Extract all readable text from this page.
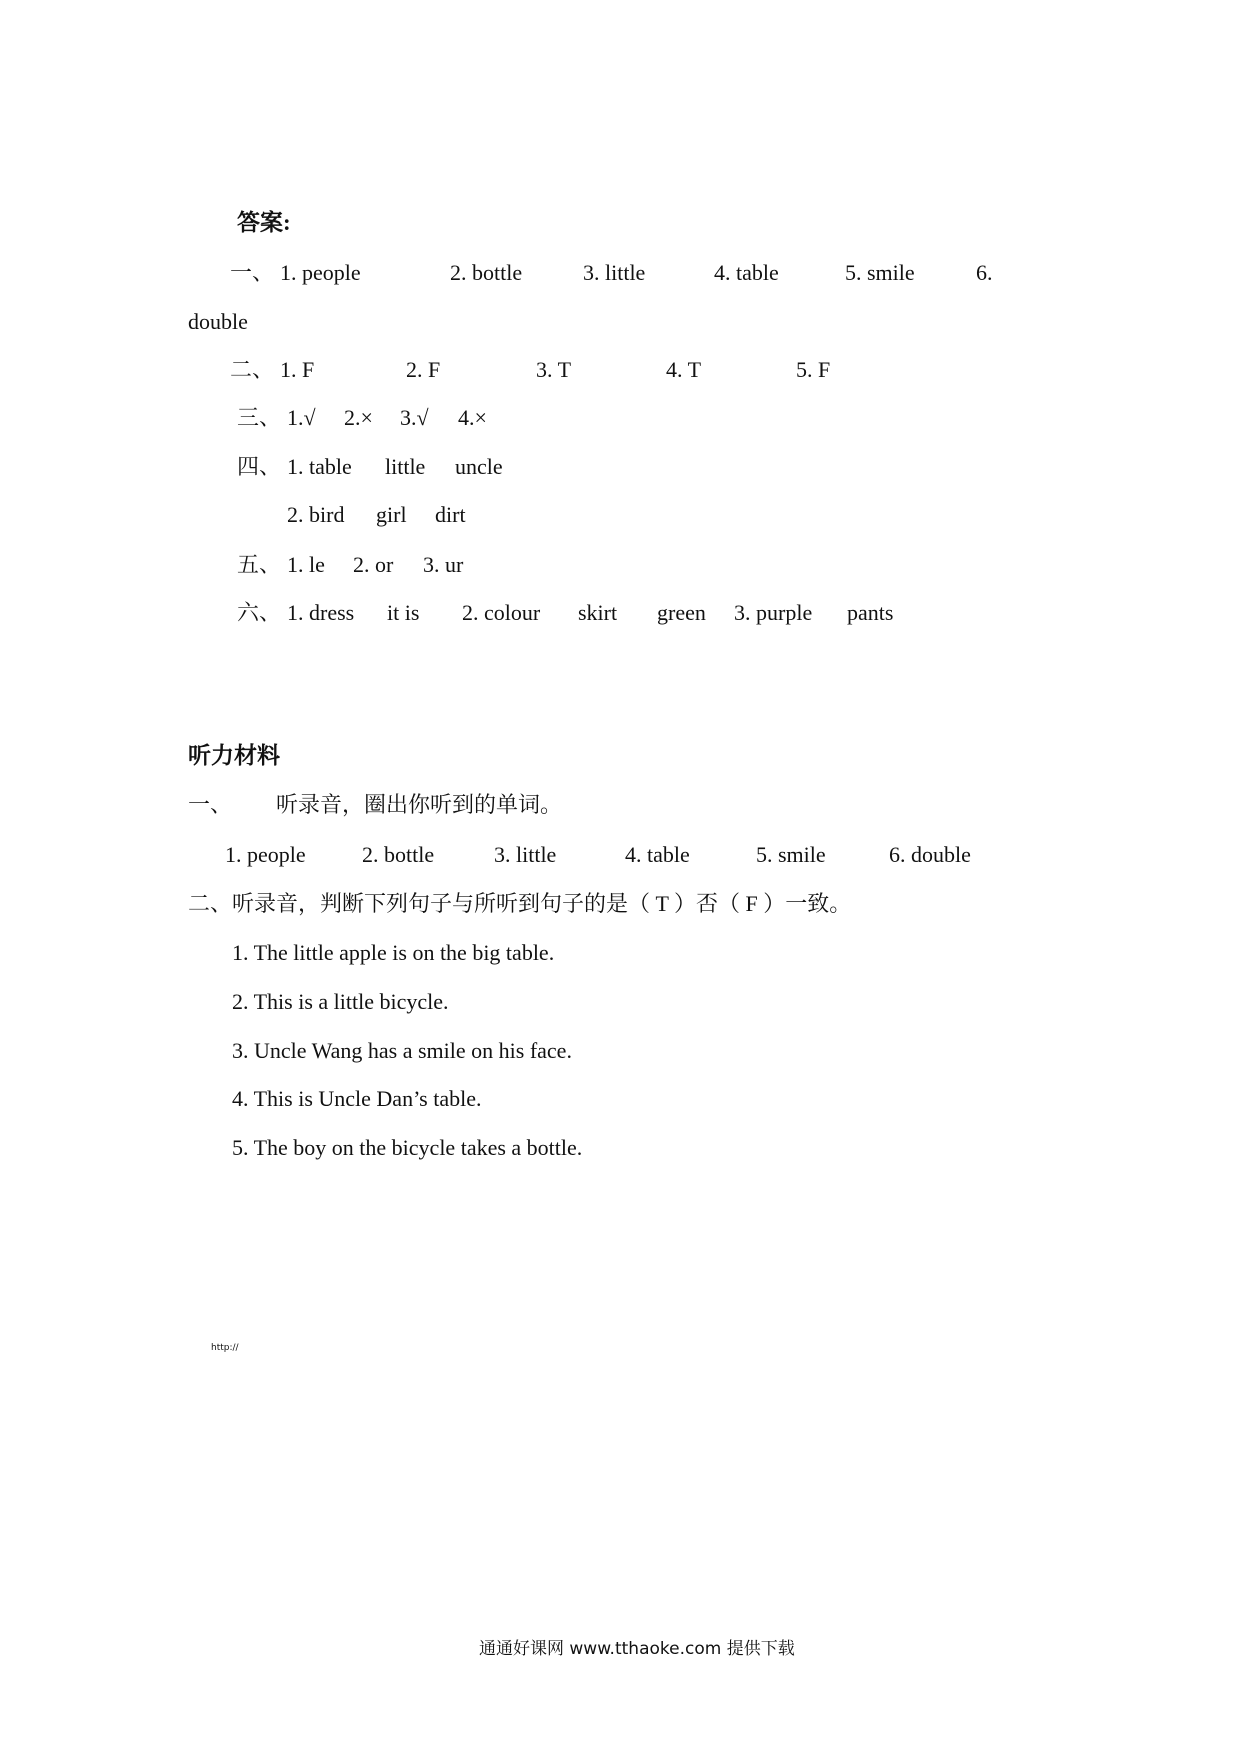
答案:
一、 1. people	2. bottle	3. little	4. table	5. smile	6.
double
二、 1. F	2. F	3. T	4. T	5. F
三、 1.√ 2.× 3.√ 4.×
四、 1. table little uncle
2. bird girl dirt
五、 1. le 2. or 3. ur
六、 1. dress it is 2. colour skirt green 3. purple pants
听力材料
一、 听录音，圈出你听到的单词。
1. people	2. bottle	3. little	4. table	5. smile	6. double
二、听录音，判断下列句子与所听到句子的是（ T ）否（ F ）一致。
1. The little apple is on the big table.
2. This is a little bicycle.
3. Uncle Wang has a smile on his face.
4. This is Uncle Dan’s table.
5. The boy on the bicycle takes a bottle.
http://
通通好课网 www.tthaoke.com 提供下载
